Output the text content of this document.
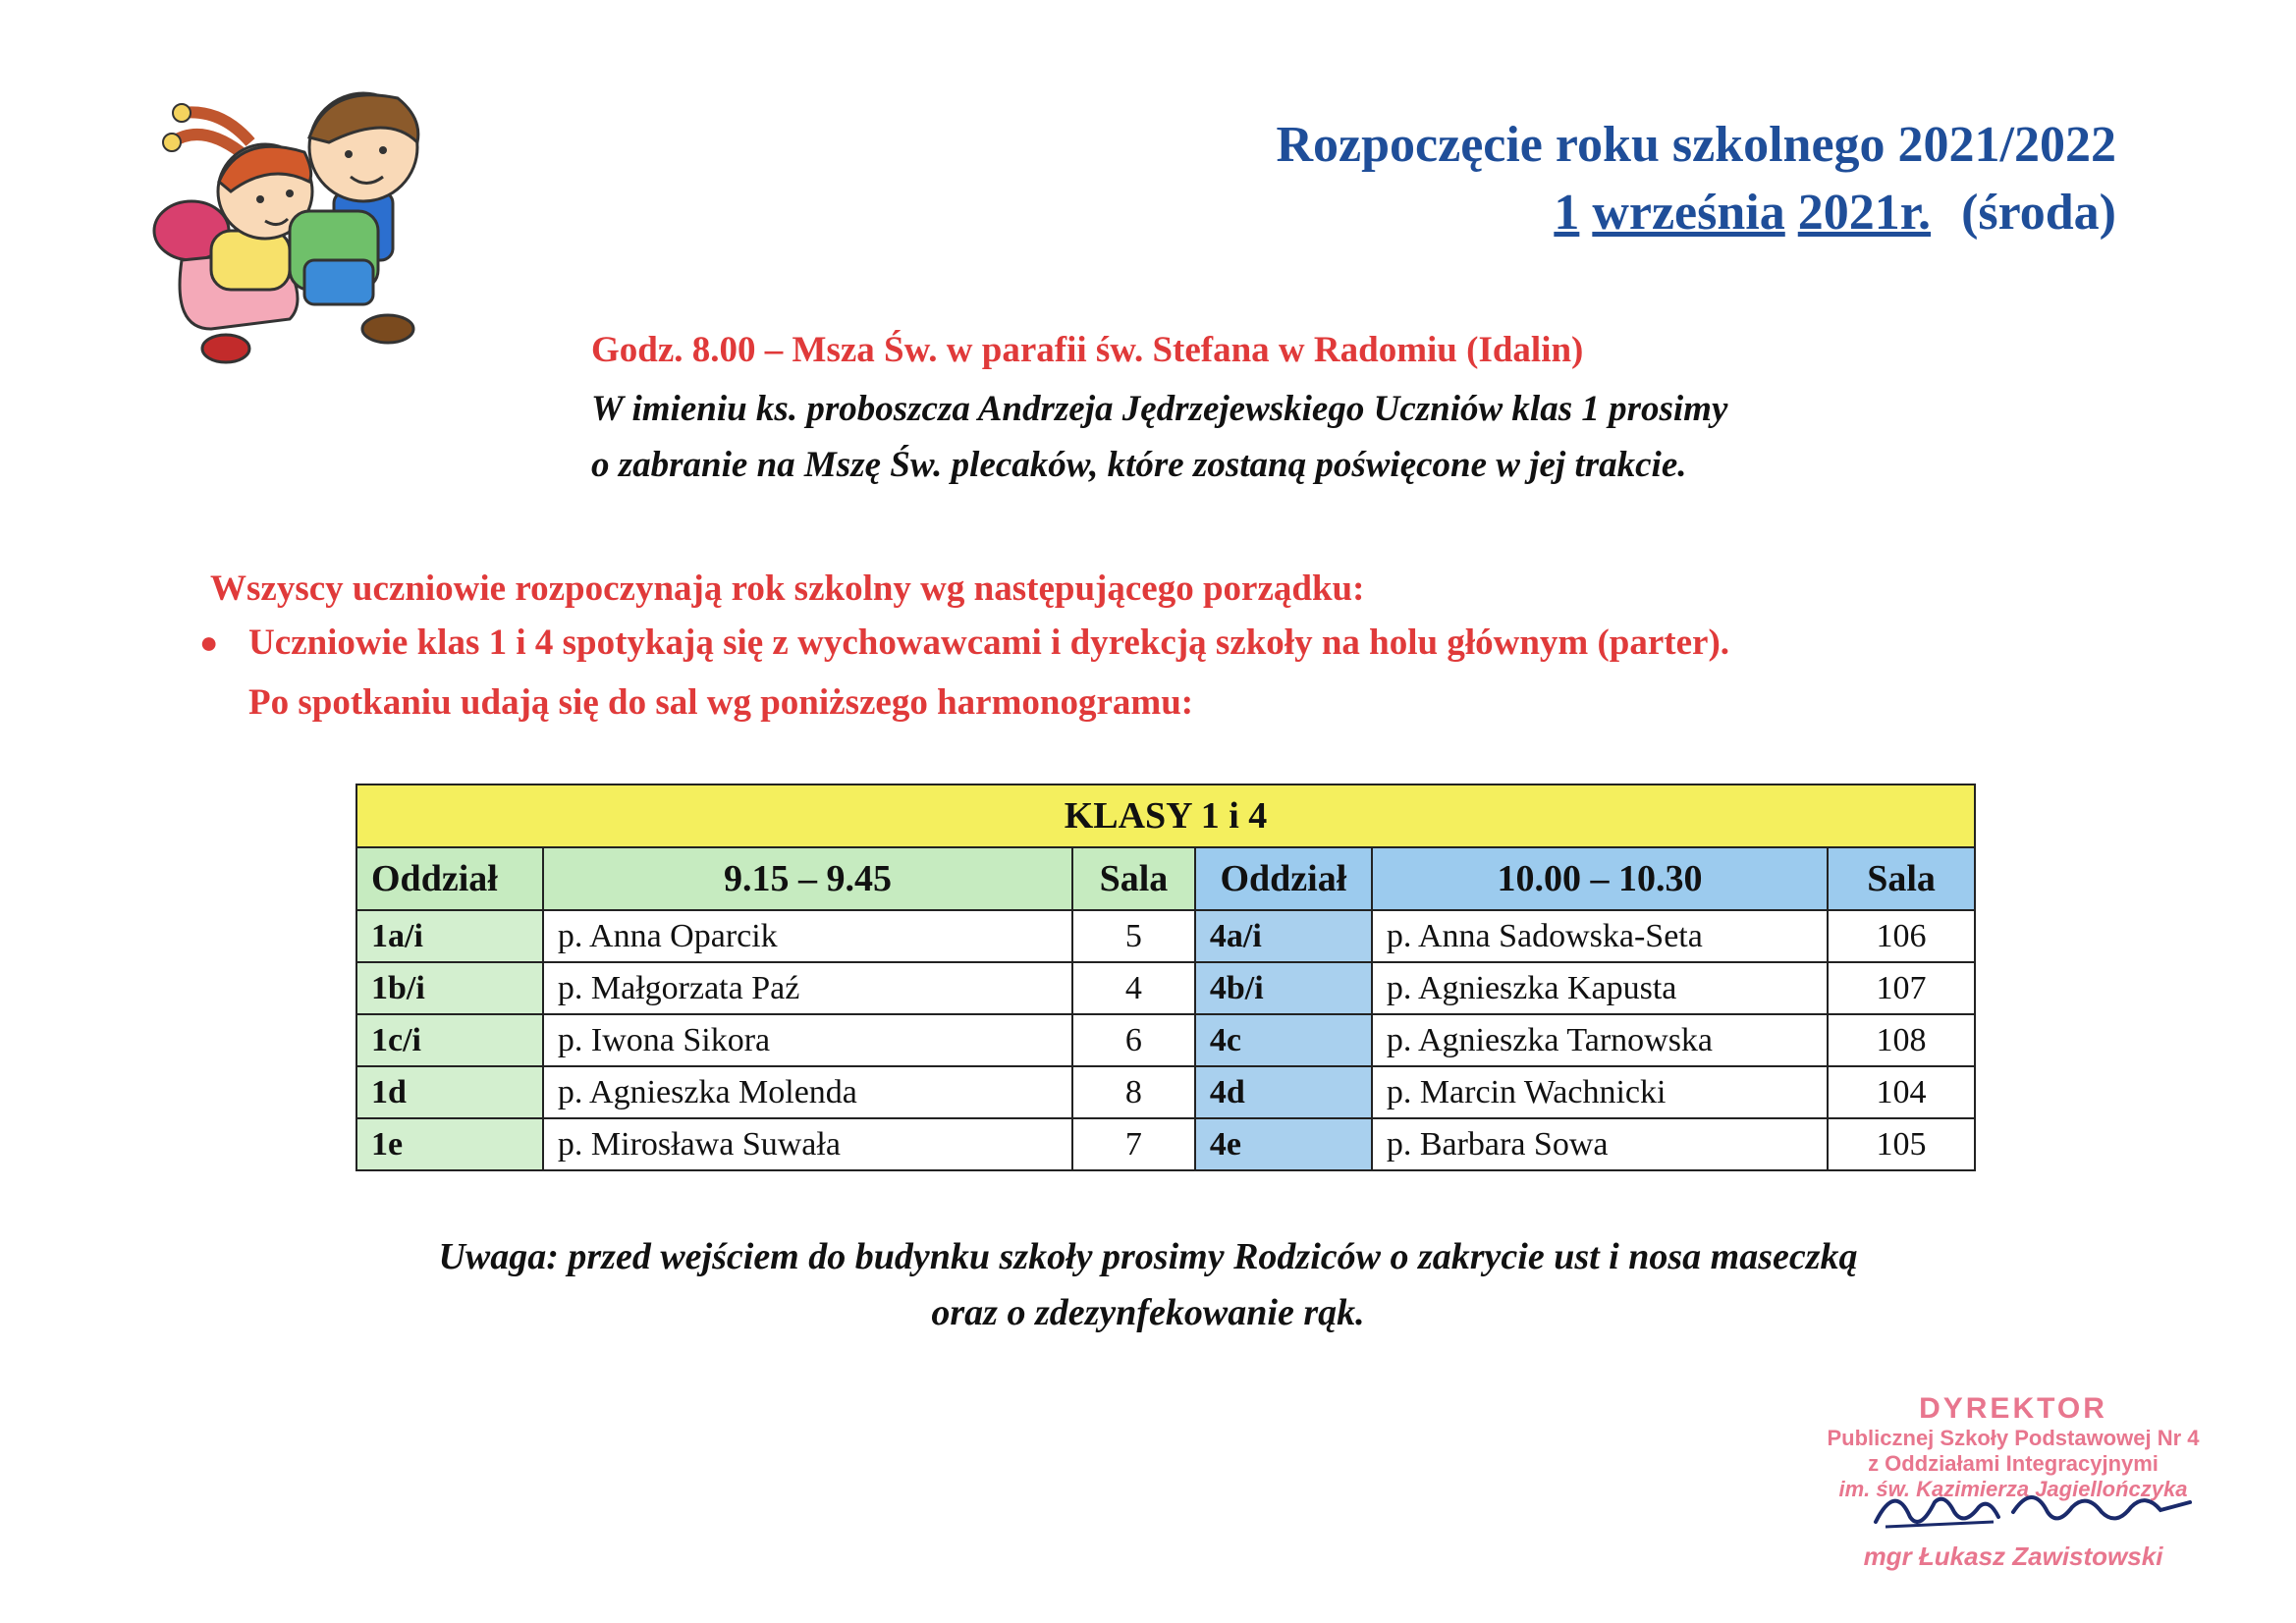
Rozpoczęcie roku szkolnego 2021/2022
1 września 2021r. (środa)
Godz. 8.00 – Msza Św. w parafii św. Stefana w Radomiu (Idalin)
W imieniu ks. proboszcza Andrzeja Jędrzejewskiego Uczniów klas 1 prosimy
o zabranie na Mszę Św. plecaków, które zostaną poświęcone w jej trakcie.
Wszyscy uczniowie rozpoczynają rok szkolny wg następującego porządku:
● Uczniowie klas 1 i 4 spotykają się z wychowawcami i dyrekcją szkoły na holu głównym (parter).
Po spotkaniu udają się do sal wg poniższego harmonogramu:
KLASY 1 i 4					
Oddział	9.15 – 9.45	Sala	Oddział	10.00 – 10.30	Sala
1a/i	p. Anna Oparcik	5	4a/i	p. Anna Sadowska-Seta	106
1b/i	p. Małgorzata Paź	4	4b/i	p. Agnieszka Kapusta	107
1c/i	p. Iwona Sikora	6	4c	p. Agnieszka Tarnowska	108
1d	p. Agnieszka Molenda	8	4d	p. Marcin Wachnicki	104
1e	p. Mirosława Suwała	7	4e	p. Barbara Sowa	105
Uwaga: przed wejściem do budynku szkoły prosimy Rodziców o zakrycie ust i nosa maseczką
oraz o zdezynfekowanie rąk.
DYREKTOR
Publicznej Szkoły Podstawowej Nr 4
z Oddziałami Integracyjnymi
im. św. Kazimierza Jagiellończyka
mgr Łukasz Zawistowski
